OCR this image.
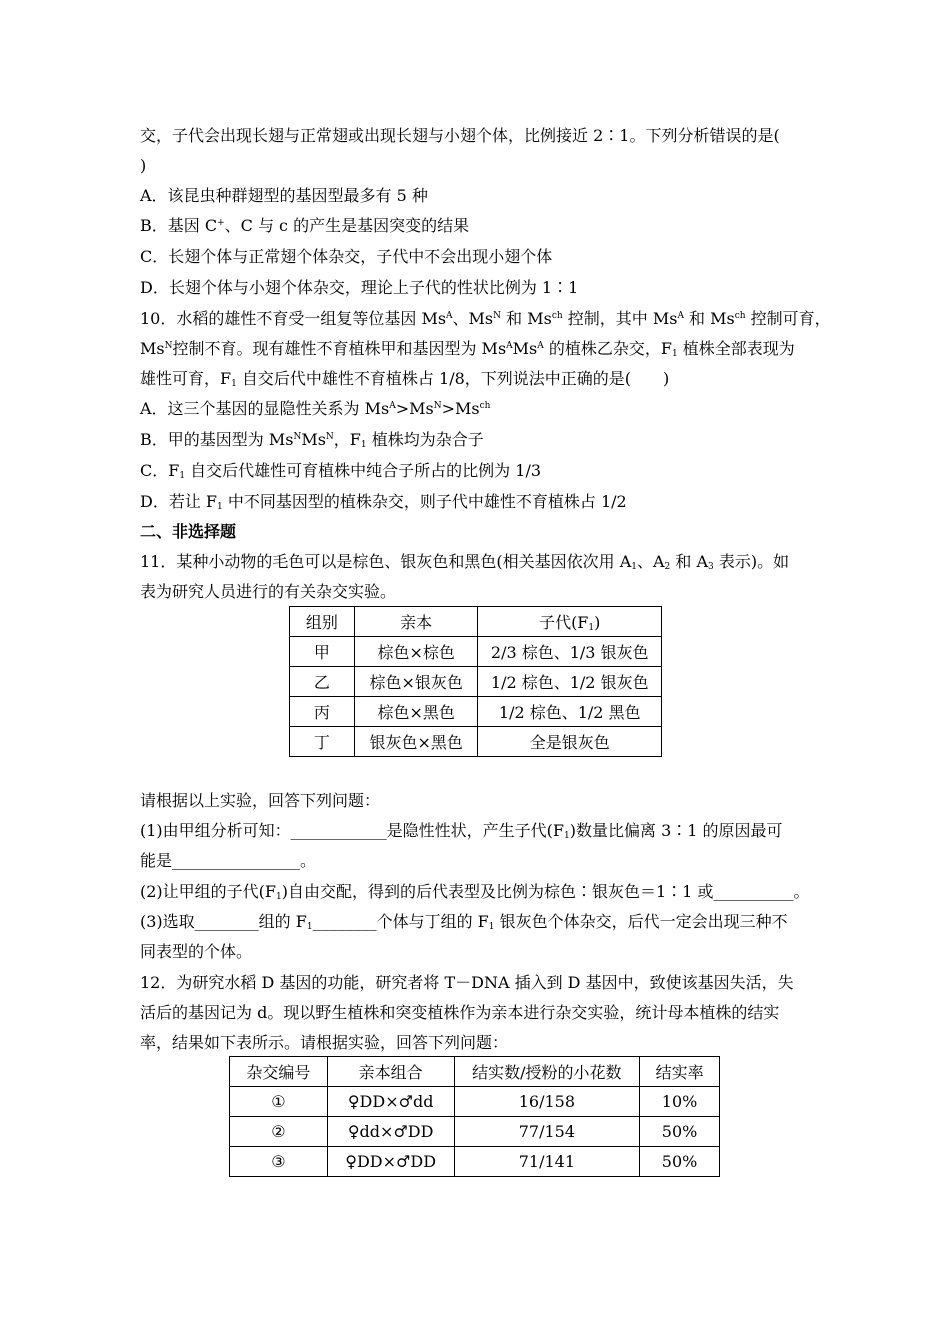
交，子代会出现长翅与正常翅或出现长翅与小翅个体，比例接近 2∶1。下列分析错误的是(
)
A．该昆虫种群翅型的基因型最多有 5 种
B．基因 C+、C 与 c 的产生是基因突变的结果
C．长翅个体与正常翅个体杂交，子代中不会出现小翅个体
D．长翅个体与小翅个体杂交，理论上子代的性状比例为 1∶1
10．水稻的雄性不育受一组复等位基因 $Ms^A$、$Ms^N$ 和 $Ms^{ch}$ 控制，其中 $Ms^A$ 和 $Ms^{ch}$ 控制可育，
$Ms^N$控制不育。现有雄性不育植株甲和基因型为 $Ms^AMs^A$ 的植株乙杂交，$F_1$ 植株全部表现为
雄性可育，$F_1$ 自交后代中雄性不育植株占 1/8，下列说法中正确的是(　　)
A．这三个基因的显隐性关系为 $Ms^A>Ms^N>Ms^{ch}$
B．甲的基因型为 $Ms^NMs^N$，$F_1$ 植株均为杂合子
C．$F_1$ 自交后代雄性可育植株中纯合子所占的比例为 1/3
D．若让 $F_1$ 中不同基因型的植株杂交，则子代中雄性不育植株占 1/2
二、非选择题
11．某种小动物的毛色可以是棕色、银灰色和黑色(相关基因依次用 $A_1$、$A_2$ 和 $A_3$ 表示)。如
表为研究人员进行的有关杂交实验。
组别	亲本	子代$(F_1)$
甲	棕色×棕色	2/3 棕色、1/3 银灰色
乙	棕色×银灰色	1/2 棕色、1/2 银灰色
丙	棕色×黑色	1/2 棕色、1/2 黑色
丁	银灰色×黑色	全是银灰色
请根据以上实验，回答下列问题：
(1)由甲组分析可知：____________是隐性性状，产生子代$(F_1)$数量比偏离 3∶1 的原因最可
能是________________。
(2)让甲组的子代$(F_1)$自由交配，得到的后代表型及比例为棕色∶银灰色＝1∶1 或__________。
(3)选取________组的 $F_1\_\_\_\_\_\_\_\_$个体与丁组的 $F_1$ 银灰色个体杂交，后代一定会出现三种不
同表型的个体。
12．为研究水稻 D 基因的功能，研究者将 T－DNA 插入到 D 基因中，致使该基因失活，失
活后的基因记为 d。现以野生植株和突变植株作为亲本进行杂交实验，统计母本植株的结实
率，结果如下表所示。请根据实验，回答下列问题：
杂交编号	亲本组合	结实数/授粉的小花数	结实率
①	♀DD×♂dd	16/158	10%
②	♀dd×♂DD	77/154	50%
③	♀DD×♂DD	71/141	50%
